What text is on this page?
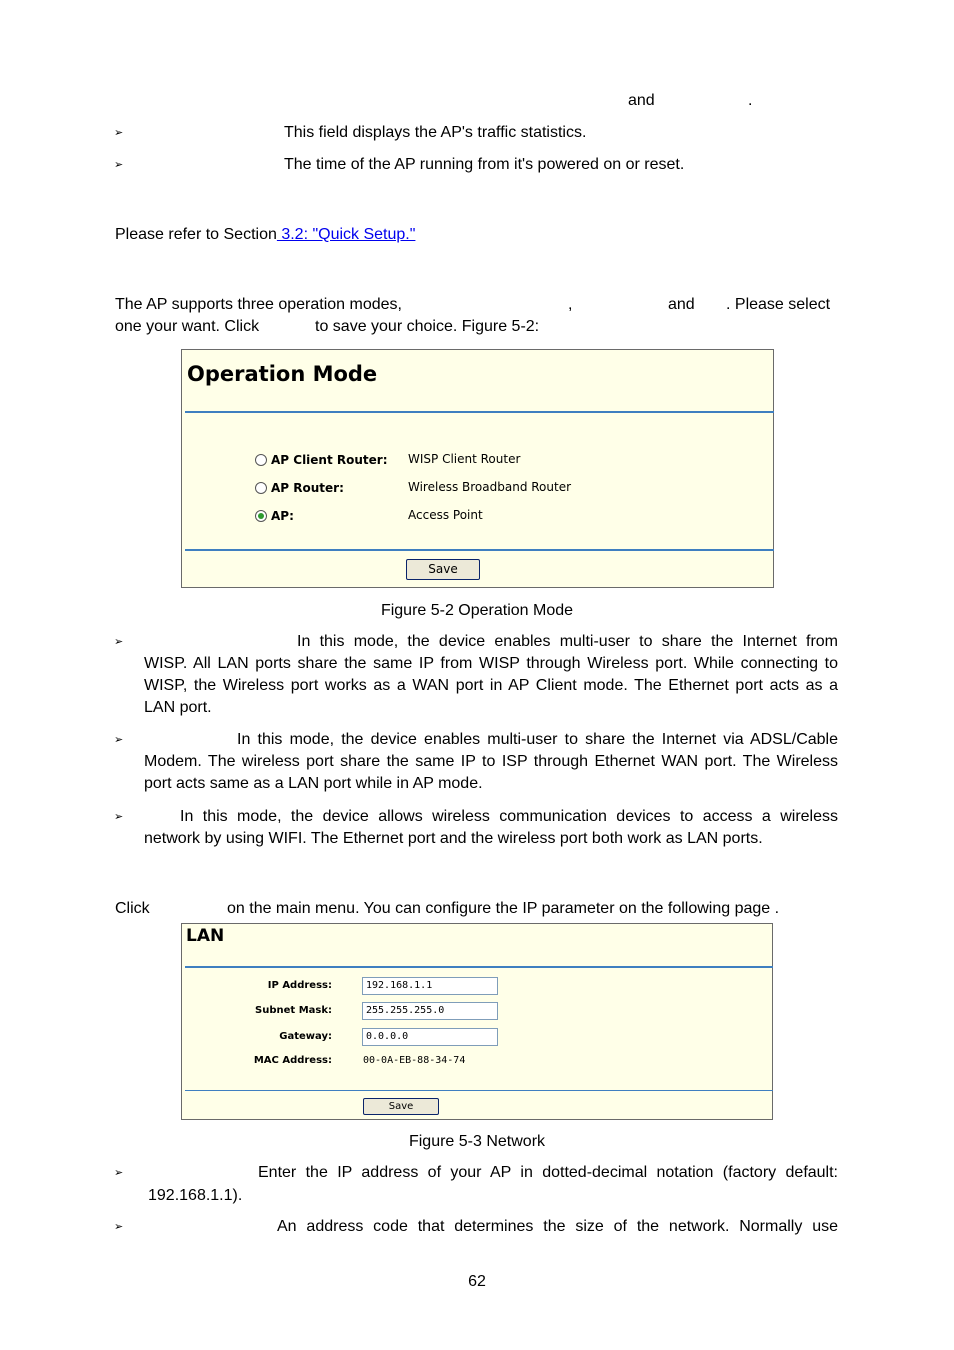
and	.
➢	This field displays the AP's traffic statistics.
➢	The time of the AP running from it's powered on or reset.
Please refer to Section 3.2: "Quick Setup."
The AP supports three operation modes,	,	and . Please select
one your want. Click	to save your choice. Figure 5-2:
Operation Mode
AP Client Router: WISP Client Router
AP Router:	Wireless Broadband Router
AP:	Access Point
Save
Figure 5-2 Operation Mode
➢	In this mode, the device enables multi-user to share the Internet from
WISP. All LAN ports share the same IP from WISP through Wireless port. While connecting to
WISP, the Wireless port works as a WAN port in AP Client mode. The Ethernet port acts as a
LAN port.
➢	In this mode, the device enables multi-user to share the Internet via ADSL/Cable
Modem. The wireless port share the same IP to ISP through Ethernet WAN port. The Wireless
port acts same as a LAN port while in AP mode.
➢	In this mode, the device allows wireless communication devices to access a wireless
network by using WIFI. The Ethernet port and the wireless port both work as LAN ports.
Click	on the main menu. You can configure the IP parameter on the following page .
LAN
IP Address:	192.168.1.1
Subnet Mask:	255.255.255.0
Gateway:	0.0.0.0
MAC Address:	00-0A-EB-88-34-74
Save
Figure 5-3 Network
➢	Enter the IP address of your AP in dotted-decimal notation (factory default:
192.168.1.1).
➢	An address code that determines the size of the network. Normally use
62
